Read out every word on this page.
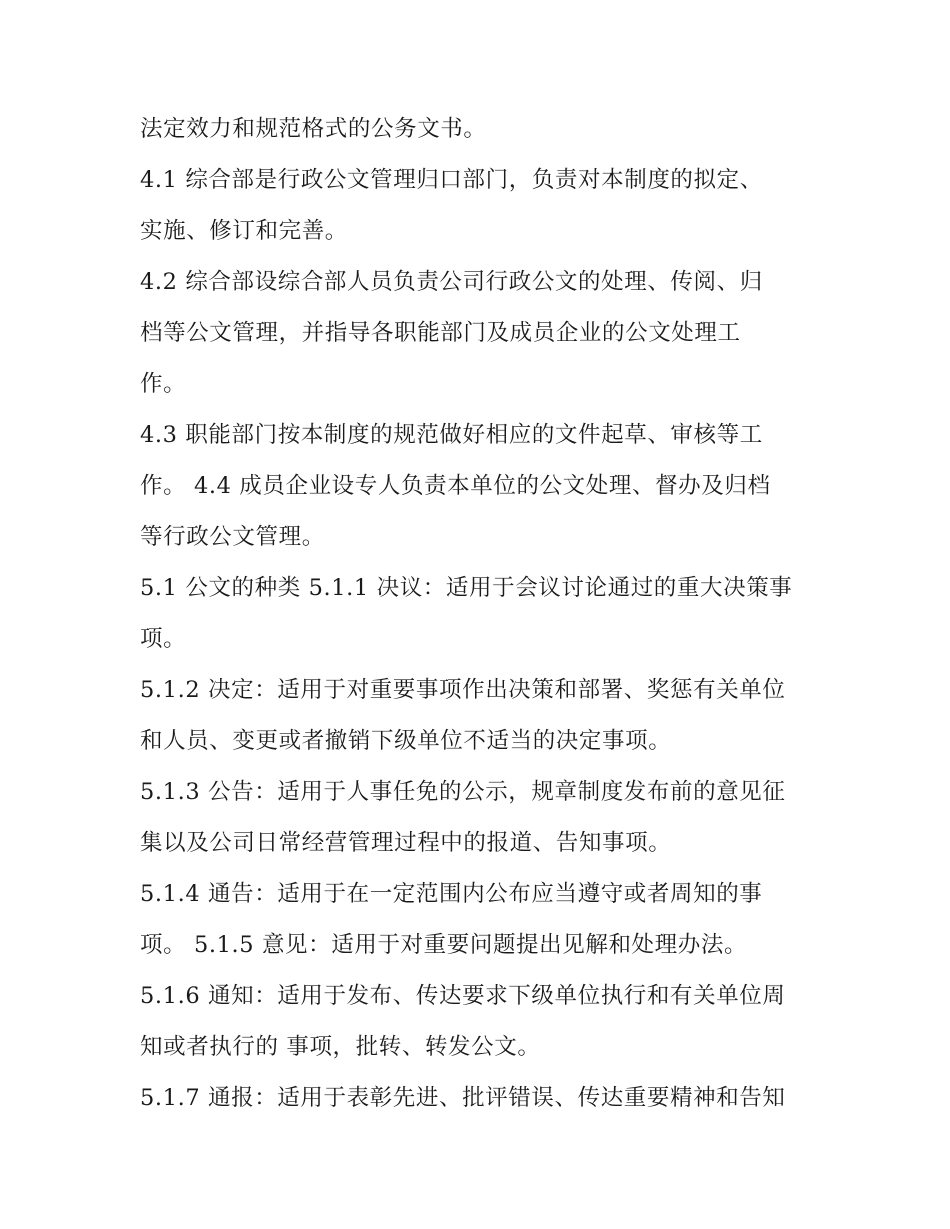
法定效力和规范格式的公务文书。
4.1 综合部是行政公文管理归口部门，负责对本制度的拟定、
实施、修订和完善。
4.2 综合部设综合部人员负责公司行政公文的处理、传阅、归
档等公文管理，并指导各职能部门及成员企业的公文处理工
作。
4.3 职能部门按本制度的规范做好相应的文件起草、审核等工
作。 4.4 成员企业设专人负责本单位的公文处理、督办及归档
等行政公文管理。
5.1 公文的种类 5.1.1 决议：适用于会议讨论通过的重大决策事
项。
5.1.2 决定：适用于对重要事项作出决策和部署、奖惩有关单位
和人员、变更或者撤销下级单位不适当的决定事项。
5.1.3 公告：适用于人事任免的公示，规章制度发布前的意见征
集以及公司日常经营管理过程中的报道、告知事项。
5.1.4 通告：适用于在一定范围内公布应当遵守或者周知的事
项。 5.1.5 意见：适用于对重要问题提出见解和处理办法。
5.1.6 通知：适用于发布、传达要求下级单位执行和有关单位周
知或者执行的 事项，批转、转发公文。
5.1.7 通报：适用于表彰先进、批评错误、传达重要精神和告知
